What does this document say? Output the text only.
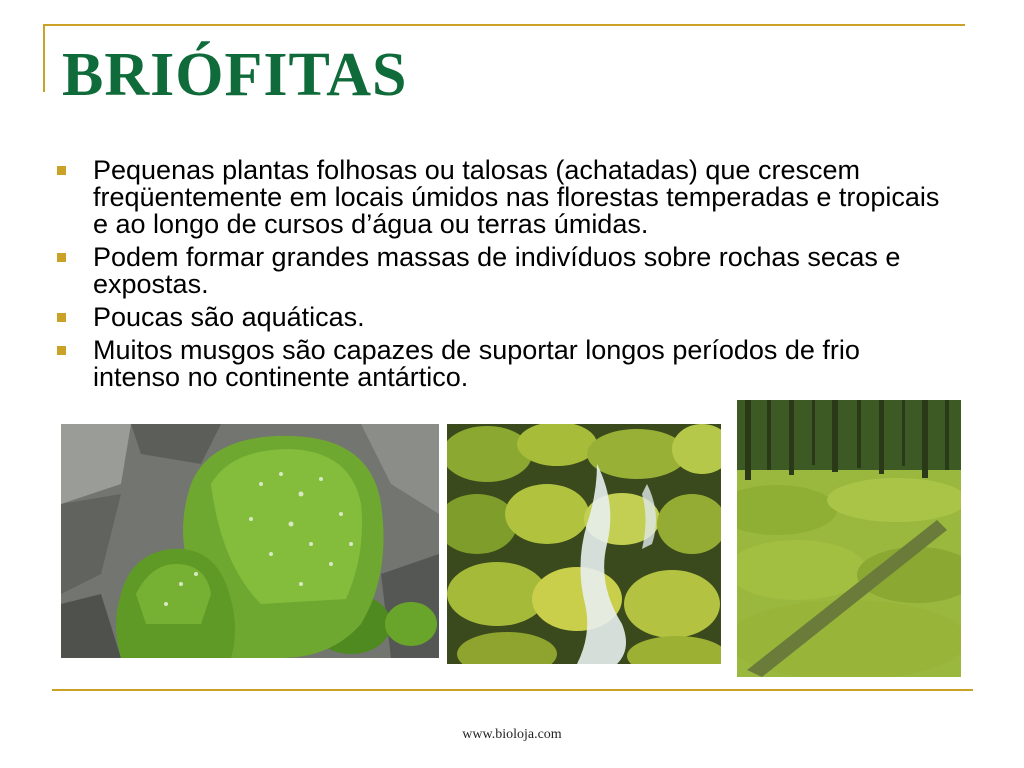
BRIÓFITAS
Pequenas plantas folhosas ou talosas (achatadas) que crescem freqüentemente em locais úmidos nas florestas temperadas e tropicais e ao longo de cursos d’água ou terras úmidas.
Podem formar grandes massas de indivíduos sobre rochas secas e expostas.
Poucas são aquáticas.
Muitos musgos são capazes de suportar longos períodos de frio intenso no continente antártico.
www.bioloja.com
